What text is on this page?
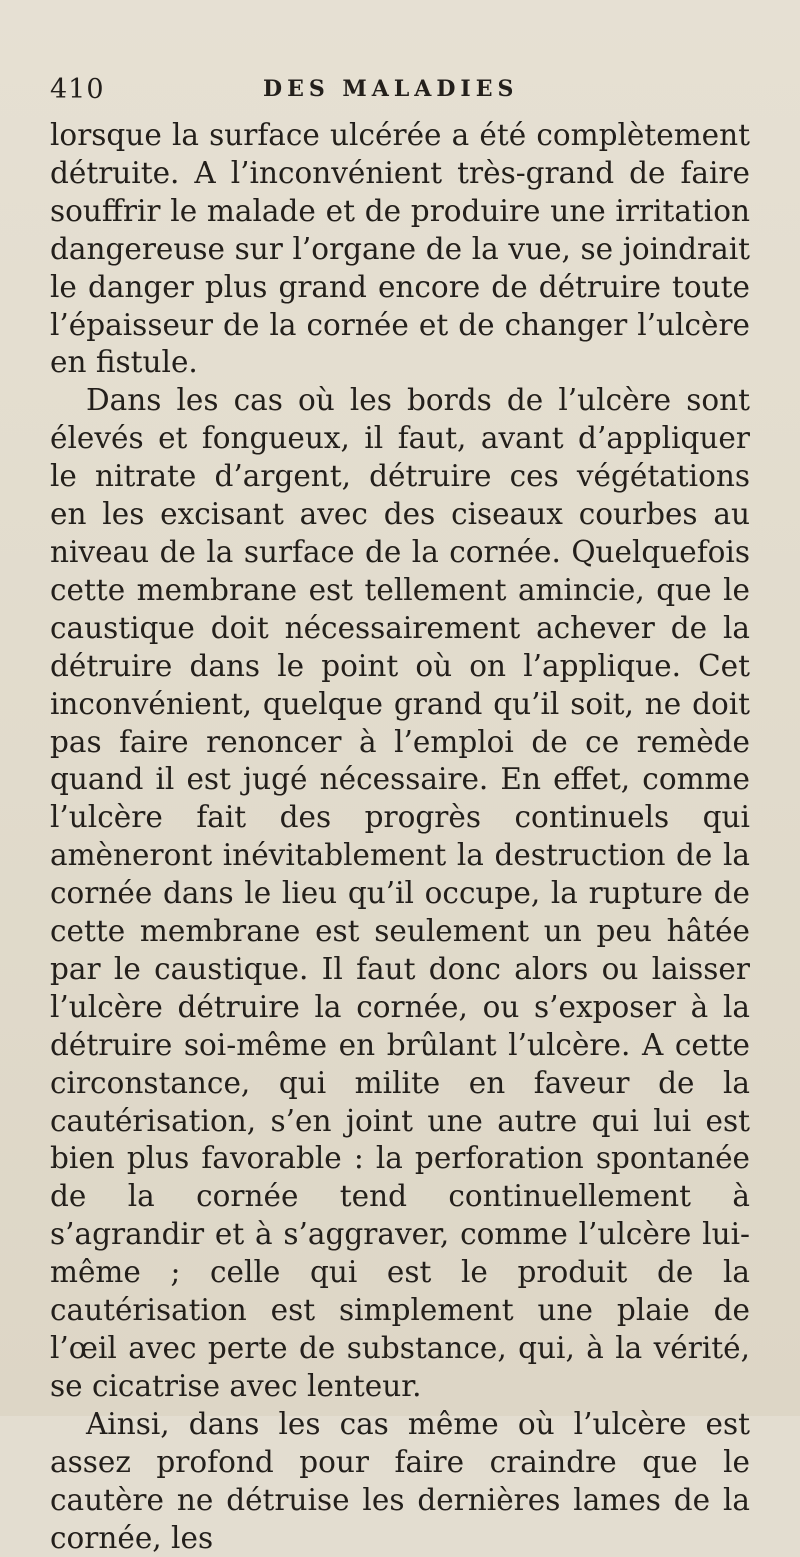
410	DES MALADIES

lorsque la surface ulcérée a été complètement détruite. A l’inconvénient très-grand de faire souffrir le malade et de produire une irritation dangereuse sur l’organe de la vue, se joindrait le danger plus grand encore de détruire toute l’épaisseur de la cornée et de changer l’ulcère en fistule.

Dans les cas où les bords de l’ulcère sont élevés et fongueux, il faut, avant d’appliquer le nitrate d’argent, détruire ces végétations en les excisant avec des ciseaux courbes au niveau de la surface de la cornée. Quelquefois cette membrane est tellement amincie, que le caustique doit nécessairement achever de la détruire dans le point où on l’applique. Cet inconvénient, quelque grand qu’il soit, ne doit pas faire renoncer à l’emploi de ce remède quand il est jugé nécessaire. En effet, comme l’ulcère fait des progrès continuels qui amèneront inévitablement la destruction de la cornée dans le lieu qu’il occupe, la rupture de cette membrane est seulement un peu hâtée par le caustique. Il faut donc alors ou laisser l’ulcère détruire la cornée, ou s’exposer à la détruire soi-même en brûlant l’ulcère. A cette circonstance, qui milite en faveur de la cautérisation, s’en joint une autre qui lui est bien plus favorable : la perforation spontanée de la cornée tend continuellement à s’agrandir et à s’aggraver, comme l’ulcère lui-même ; celle qui est le produit de la cautérisation est simplement une plaie de l’œil avec perte de substance, qui, à la vérité, se cicatrise avec lenteur.

Ainsi, dans les cas même où l’ulcère est assez profond pour faire craindre que le cautère ne détruise les dernières lames de la cornée, les
